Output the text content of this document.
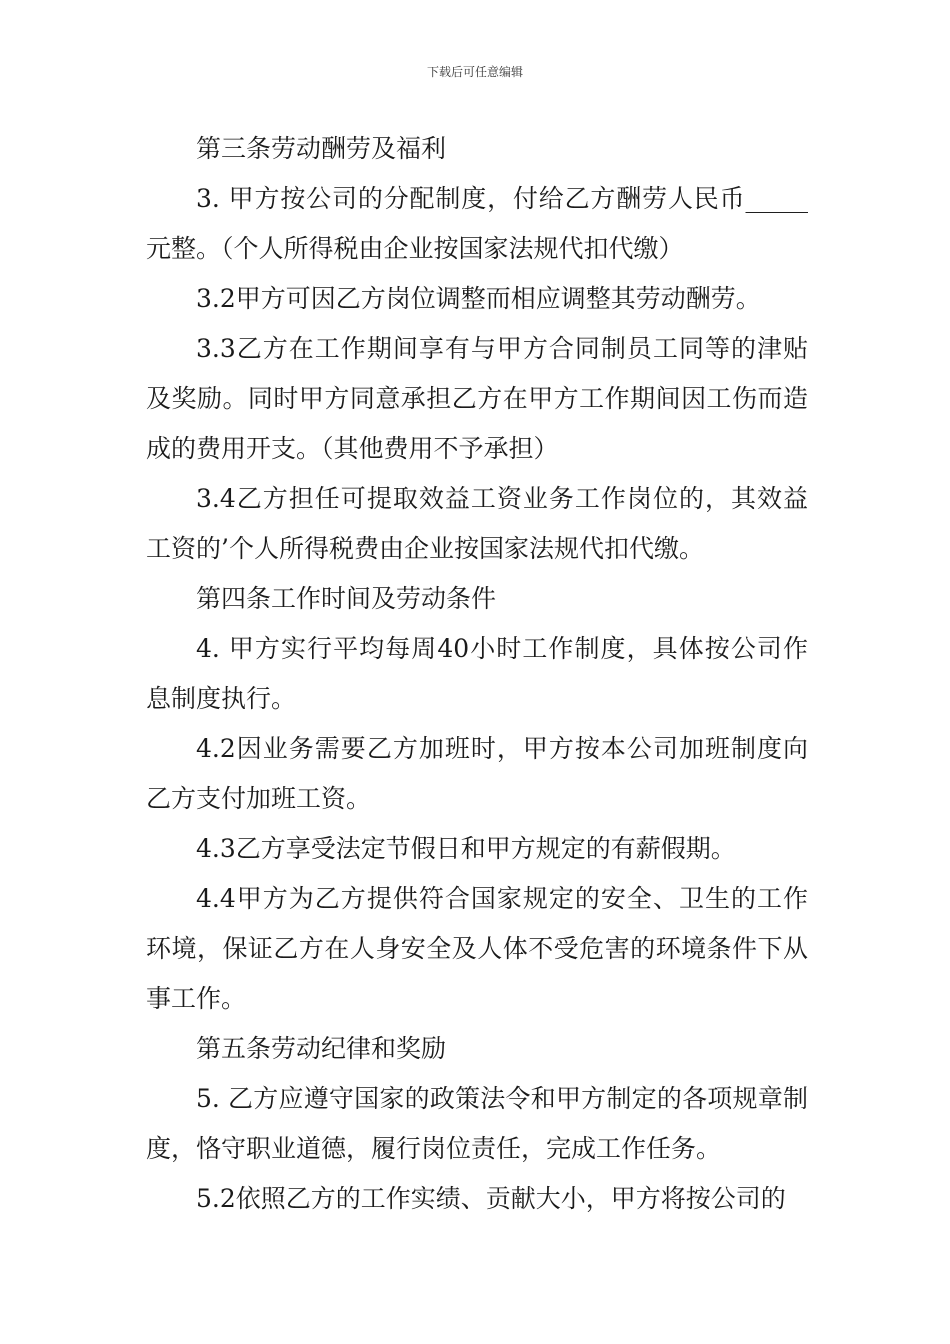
下载后可任意编辑

第三条劳动酬劳及福利

3. 甲方按公司的分配制度，付给乙方酬劳人民币_____元整。（个人所得税由企业按国家法规代扣代缴）

3.2甲方可因乙方岗位调整而相应调整其劳动酬劳。

3.3乙方在工作期间享有与甲方合同制员工同等的津贴及奖励。同时甲方同意承担乙方在甲方工作期间因工伤而造成的费用开支。（其他费用不予承担）

3.4乙方担任可提取效益工资业务工作岗位的，其效益工资的’个人所得税费由企业按国家法规代扣代缴。

第四条工作时间及劳动条件

4. 甲方实行平均每周40小时工作制度，具体按公司作息制度执行。

4.2因业务需要乙方加班时，甲方按本公司加班制度向乙方支付加班工资。

4.3乙方享受法定节假日和甲方规定的有薪假期。

4.4甲方为乙方提供符合国家规定的安全、卫生的工作环境，保证乙方在人身安全及人体不受危害的环境条件下从事工作。

第五条劳动纪律和奖励

5. 乙方应遵守国家的政策法令和甲方制定的各项规章制度，恪守职业道德，履行岗位责任，完成工作任务。

5.2依照乙方的工作实绩、贡献大小，甲方将按公司的
